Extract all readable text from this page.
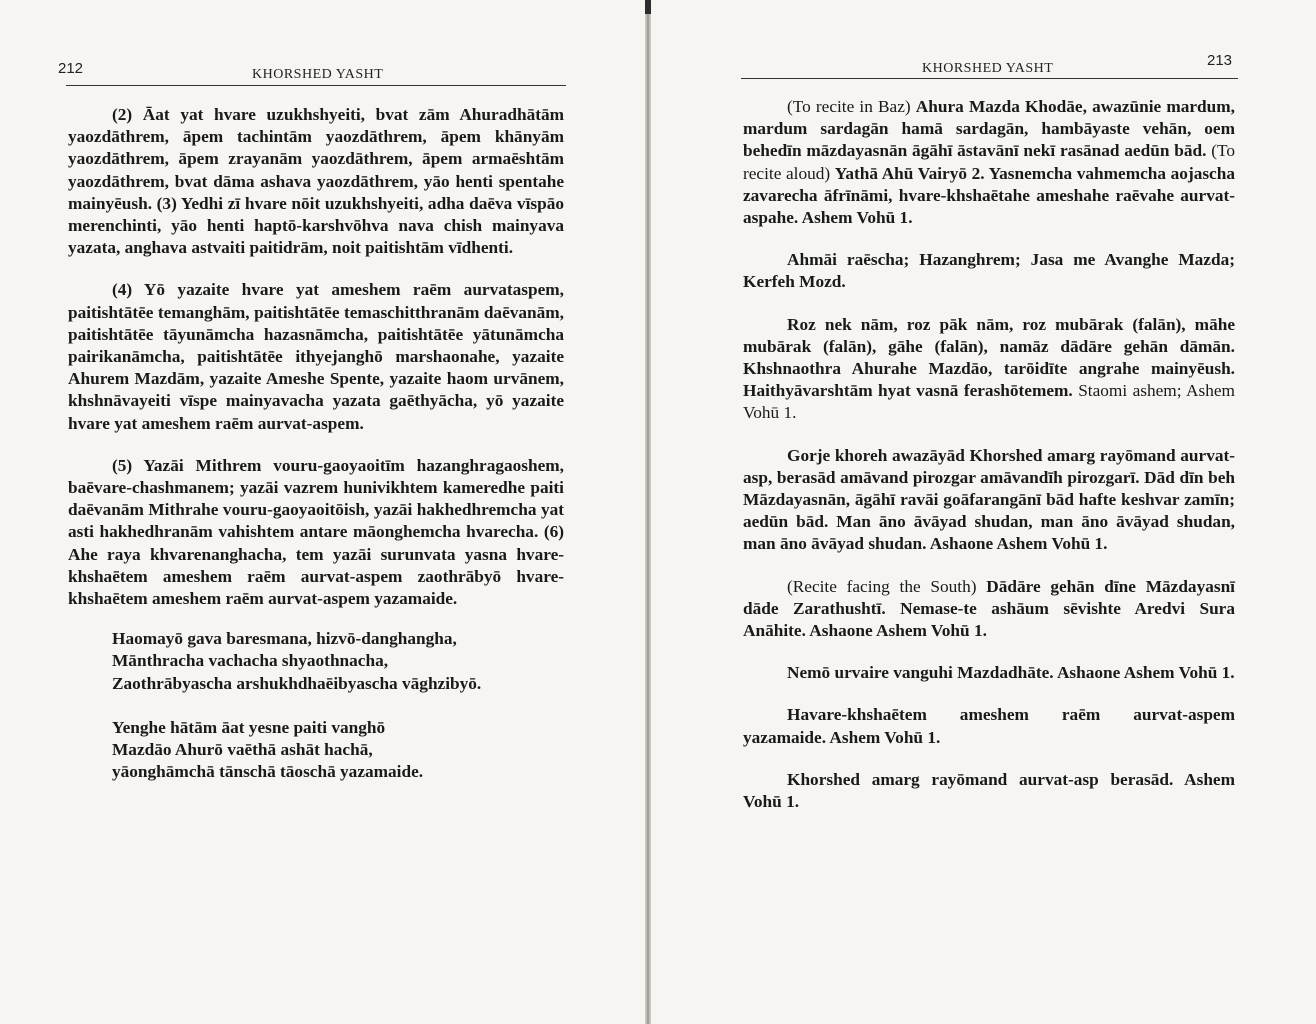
212	KHORSHED YASHT

(2) Āat yat hvare uzukhshyeiti, bvat zām Ahuradhātām yaozdāthrem, āpem tachintām yaozdāthrem, āpem khānyām yaozdāthrem, āpem zrayanām yaozdāthrem, āpem armaēshtām yaozdāthrem, bvat dāma ashava yaozdāthrem, yāo henti spentahe mainyēush. (3) Yedhi zī hvare nōit uzukhshyeiti, adha daēva vīspāo merenchinti, yāo henti haptō-karshvōhva nava chish mainyava yazata, anghava astvaiti paitidrām, noit paitishtām vīdhenti.

(4) Yō yazaite hvare yat ameshem raēm aurvataspem, paitishtātēe temanghām, paitishtātēe temaschitthranām daēvanām, paitishtātēe tāyunāmcha hazasnāmcha, paitishtātēe yātunāmcha pairikanāmcha, paitishtātēe ithyejanghō marshaonahe, yazaite Ahurem Mazdām, yazaite Ameshe Spente, yazaite haom urvānem, khshnāvayeiti vīspe mainyavacha yazata gaēthyācha, yō yazaite hvare yat ameshem raēm aurvat-aspem.

(5) Yazāi Mithrem vouru-gaoyaoitīm hazanghragaoshem, baēvare-chashmanem; yazāi vazrem hunivikhtem kameredhe paiti daēvanām Mithrahe vouru-gaoyaoitōish, yazāi hakhedhremcha yat asti hakhedhranām vahishtem antare māonghemcha hvarecha. (6) Ahe raya khvarenanghacha, tem yazāi surunvata yasna hvare-khshaētem ameshem raēm aurvat-aspem zaothrābyō hvare-khshaētem ameshem raēm aurvat-aspem yazamaide.

Haomayō gava baresmana, hizvō-danghangha,
Mānthracha vachacha shyaothnacha,
Zaothrābyascha arshukhdhaēibyascha vāghzibyō.
Yenghe hātām āat yesne paiti vanghō
Mazdāo Ahurō vaēthā ashāt hachā,
yāonghāmchā tānschā tāoschā yazamaide.
KHORSHED YASHT	213

(To recite in Baz) Ahura Mazda Khodāe, awazūnie mardum, mardum sardagān hamā sardagān, hambāyaste vehān, oem behedīn māzdayasnān āgāhī āstavānī nekī rasānad aedūn bād. (To recite aloud) Yathā Ahū Vairyō 2. Yasnemcha vahmemcha aojascha zavarecha āfrīnāmi, hvare-khshaētahe ameshahe raēvahe aurvat-aspahe. Ashem Vohū 1.

Ahmāi raēscha; Hazanghrem; Jasa me Avanghe Mazda; Kerfeh Mozd.

Roz nek nām, roz pāk nām, roz mubārak (falān), māhe mubārak (falān), gāhe (falān), namāz dādāre gehān dāmān. Khshnaothra Ahurahe Mazdāo, tarōidīte angrahe mainyēush. Haithyāvarshtām hyat vasnā ferashōtemem. Staomi ashem; Ashem Vohū 1.

Gorje khoreh awazāyād Khorshed amarg rayōmand aurvat-asp, berasād amāvand pirozgar amāvandīh pirozgarī. Dād dīn beh Māzdayasnān, āgāhī ravāi goāfarangānī bād hafte keshvar zamīn; aedūn bād. Man āno āvāyad shudan, man āno āvāyad shudan, man āno āvāyad shudan. Ashaone Ashem Vohū 1.

(Recite facing the South) Dādāre gehān dīne Māzdayasnī dāde Zarathushtī. Nemase-te ashāum sēvishte Aredvi Sura Anāhite. Ashaone Ashem Vohū 1.

Nemō urvaire vanguhi Mazdadhāte. Ashaone Ashem Vohū 1.

Havare-khshaētem ameshem raēm aurvat-aspem yazamaide. Ashem Vohū 1.

Khorshed amarg rayōmand aurvat-asp berasād. Ashem Vohū 1.
